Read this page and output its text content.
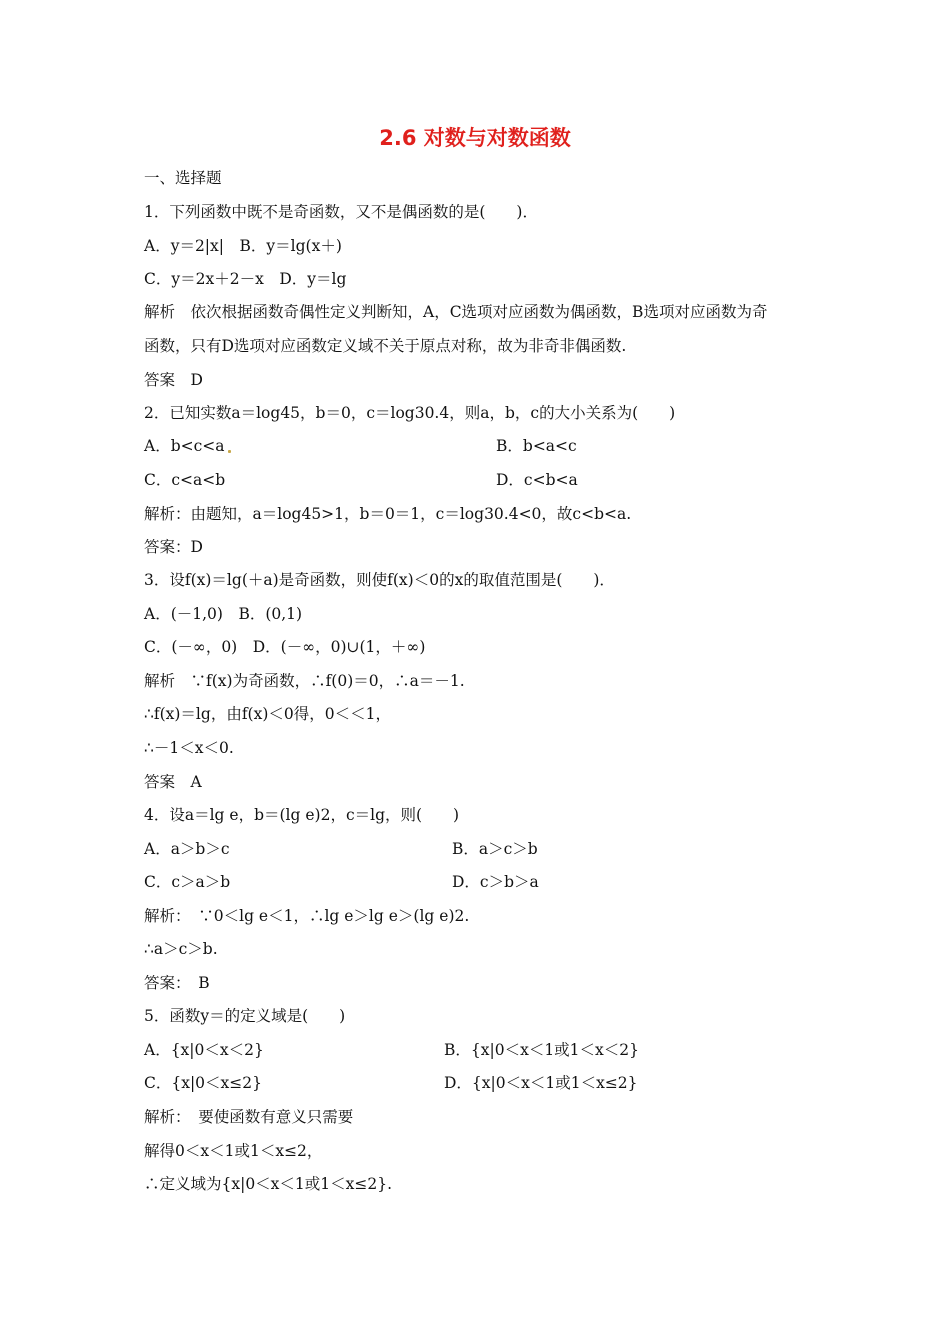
2.6 对数与对数函数
一、选择题
1．下列函数中既不是奇函数，又不是偶函数的是(　　)．
A．y＝2|x|　B．y＝lg(x＋)
C．y＝2x＋2－x　D．y＝lg
解析　依次根据函数奇偶性定义判断知，A，C选项对应函数为偶函数，B选项对应函数为奇
函数，只有D选项对应函数定义域不关于原点对称，故为非奇非偶函数.
答案　D
2．已知实数a＝log45，b＝0，c＝log30.4，则a，b，c的大小关系为(　　)
A．b<c<a	B．b<a<c
C．c<a<b	D．c<b<a
解析：由题知，a＝log45>1，b＝0＝1，c＝log30.4<0，故c<b<a.
答案：D
3．设f(x)＝lg(＋a)是奇函数，则使f(x)＜0的x的取值范围是(　　)．
A．(－1,0)　B．(0,1)
C．(－∞，0)　D．(－∞，0)∪(1，＋∞)
解析　∵f(x)为奇函数，∴f(0)＝0，∴a＝－1.
∴f(x)＝lg，由f(x)＜0得，0＜＜1，
∴－1＜x＜0.
答案　A
4．设a＝lg e，b＝(lg e)2，c＝lg，则(　　)
A．a＞b＞c	B．a＞c＞b
C．c＞a＞b	D．c＞b＞a
解析：　∵0＜lg e＜1，∴lg e＞lg e＞(lg e)2.
∴a＞c＞b.
答案：　B
5．函数y＝的定义域是(　　)
A．{x|0＜x＜2}	B．{x|0＜x＜1或1＜x＜2}
C．{x|0＜x≤2}	D．{x|0＜x＜1或1＜x≤2}
解析：　要使函数有意义只需要
解得0＜x＜1或1＜x≤2，
∴定义域为{x|0＜x＜1或1＜x≤2}.
